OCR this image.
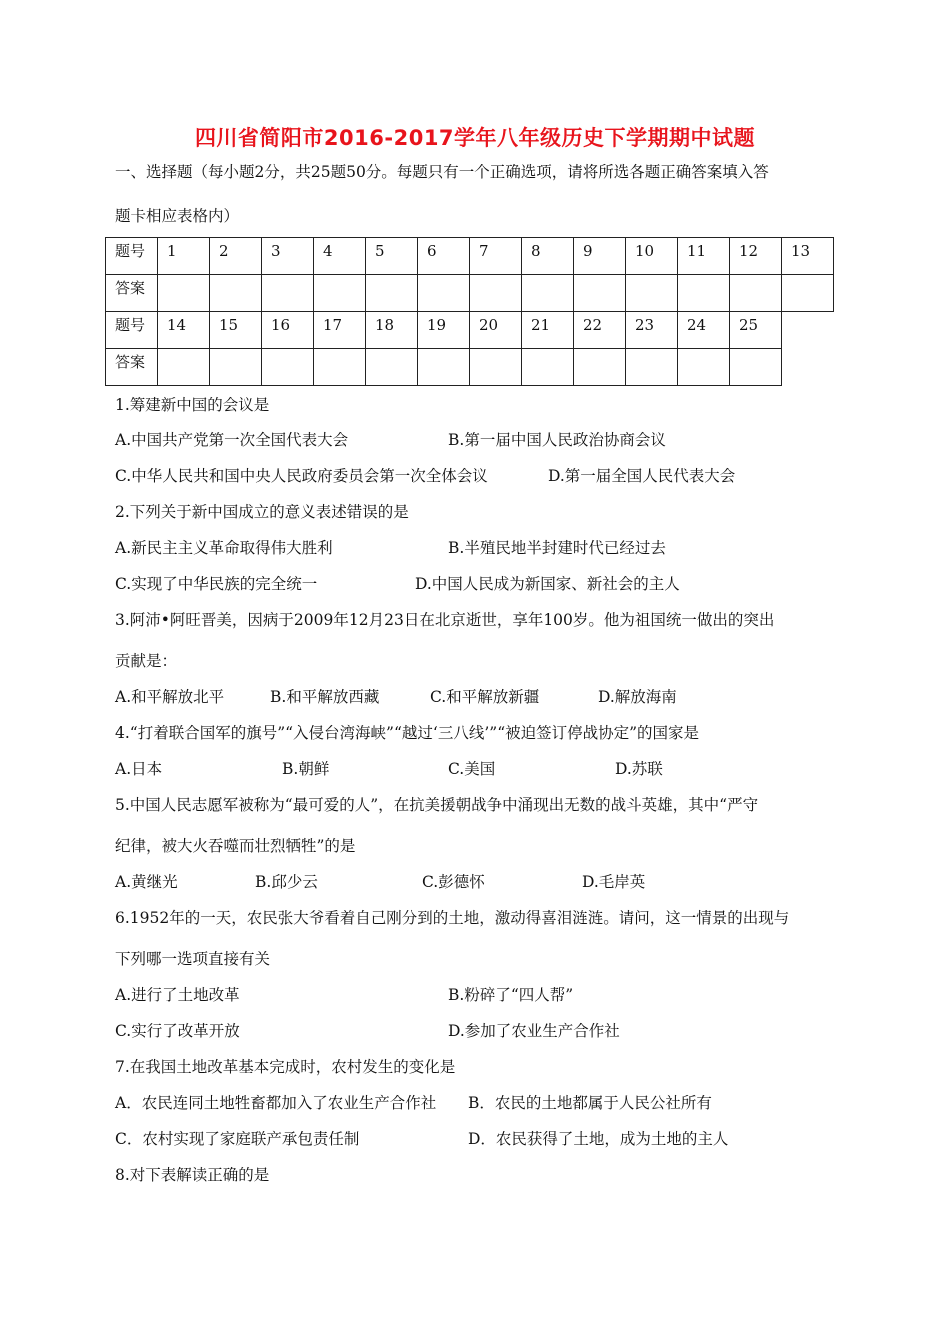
四川省简阳市2016-2017学年八年级历史下学期期中试题
一、选择题（每小题2分，共25题50分。每题只有一个正确选项，请将所选各题正确答案填入答
题卡相应表格内）
题号	1	2	3	4	5	6	7	8	9	10	11	12	13
答案													
题号	14	15	16	17	18	19	20	21	22	23	24	25	
答案													
1.筹建新中国的会议是
A.中国共产党第一次全国代表大会	B.第一届中国人民政治协商会议
C.中华人民共和国中央人民政府委员会第一次全体会议	D.第一届全国人民代表大会
2.下列关于新中国成立的意义表述错误的是
A.新民主主义革命取得伟大胜利	B.半殖民地半封建时代已经过去
C.实现了中华民族的完全统一	D.中国人民成为新国家、新社会的主人
3.阿沛•阿旺晋美，因病于2009年12月23日在北京逝世，享年100岁。他为祖国统一做出的突出
贡献是：
A.和平解放北平	B.和平解放西藏	C.和平解放新疆	D.解放海南
4.“打着联合国军的旗号”“入侵台湾海峡”“越过‘三八线’”“被迫签订停战协定”的国家是
A.日本	B.朝鲜	C.美国	D.苏联
5.中国人民志愿军被称为“最可爱的人”，在抗美援朝战争中涌现出无数的战斗英雄，其中“严守
纪律，被大火吞噬而壮烈牺牲”的是
A.黄继光	B.邱少云	C.彭德怀	D.毛岸英
6.1952年的一天，农民张大爷看着自己刚分到的土地，激动得喜泪涟涟。请问，这一情景的出现与
下列哪一选项直接有关
A.进行了土地改革	B.粉碎了“四人帮”
C.实行了改革开放	D.参加了农业生产合作社
7.在我国土地改革基本完成时，农村发生的变化是
A．农民连同土地牲畜都加入了农业生产合作社 B．农民的土地都属于人民公社所有
C．农村实现了家庭联产承包责任制	D．农民获得了土地，成为土地的主人
8.对下表解读正确的是
